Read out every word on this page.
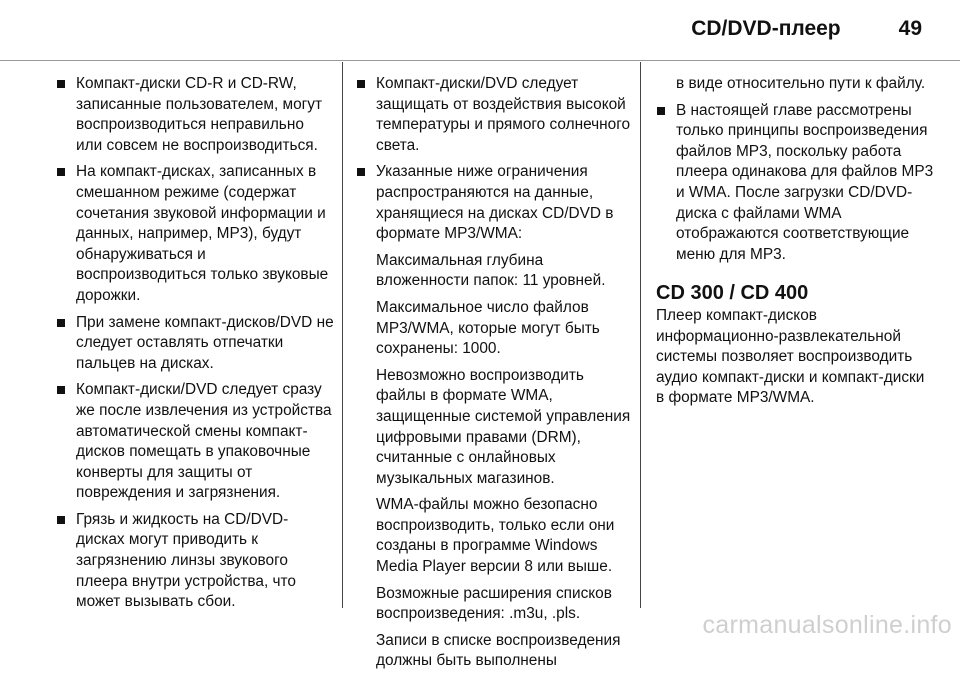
CD/DVD-плеер	49
Компакт-диски CD-R и CD-RW, записанные пользователем, могут воспроизводиться неправильно или совсем не воспроизводиться.
На компакт-дисках, записанных в смешанном режиме (содержат сочетания звуковой информации и данных, например, MP3), будут обнаруживаться и воспроизводиться только звуковые дорожки.
При замене компакт-дисков/DVD не следует оставлять отпечатки пальцев на дисках.
Компакт-диски/DVD следует сразу же после извлечения из устройства автоматической смены компакт-дисков помещать в упаковочные конверты для защиты от повреждения и загрязнения.
Грязь и жидкость на CD/DVD-дисках могут приводить к загрязнению линзы звукового плеера внутри устройства, что может вызывать сбои.
Компакт-диски/DVD следует защищать от воздействия высокой температуры и прямого солнечного света.
Указанные ниже ограничения распространяются на данные, хранящиеся на дисках CD/DVD в формате MP3/WMA:
Максимальная глубина вложенности папок: 11 уровней.
Максимальное число файлов MP3/WMA, которые могут быть сохранены: 1000.
Невозможно воспроизводить файлы в формате WMA, защищенные системой управления цифровыми правами (DRM), считанные с онлайновых музыкальных магазинов.
WMA-файлы можно безопасно воспроизводить, только если они созданы в программе Windows Media Player версии 8 или выше.
Возможные расширения списков воспроизведения: .m3u, .pls.
Записи в списке воспроизведения должны быть выполнены
в виде относительно пути к файлу.
В настоящей главе рассмотрены только принципы воспроизведения файлов MP3, поскольку работа плеера одинакова для файлов MP3 и WMA. После загрузки CD/DVD-диска с файлами WMA отображаются соответствующие меню для MP3.
CD 300 / CD 400

Плеер компакт-дисков информационно-развлекательной системы позволяет воспроизводить аудио компакт-диски и компакт-диски в формате MP3/WMA.

carmanualsonline.info
